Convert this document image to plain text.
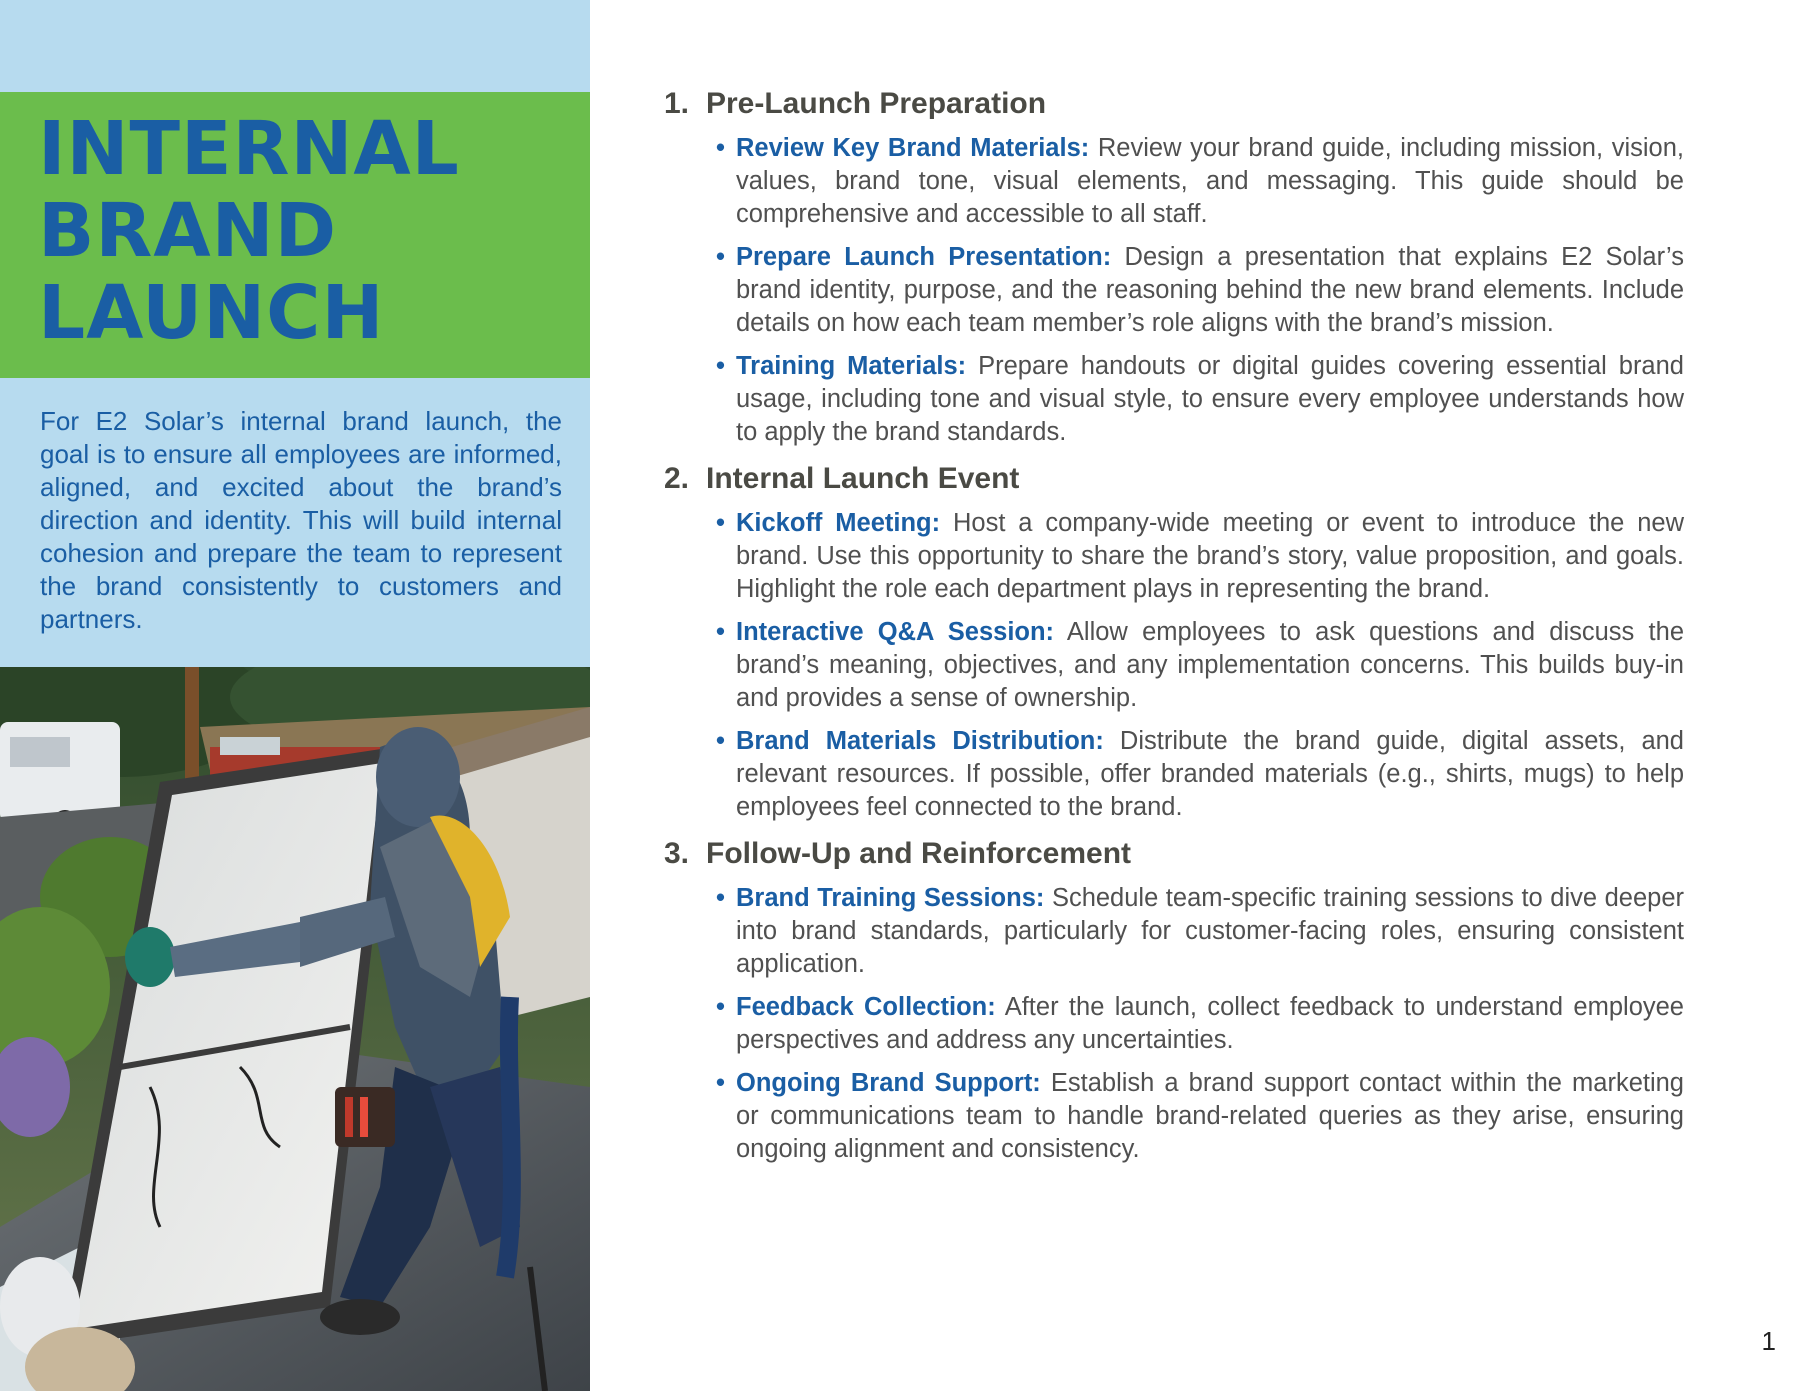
INTERNAL
BRAND
LAUNCH

For E2 Solar’s internal brand launch, the goal is to ensure all employees are informed, aligned, and excited about the brand’s direction and identity. This will build internal cohesion and prepare the team to represent the brand consistently to customers and partners.

1. Pre-Launch Preparation
• Review Key Brand Materials: Review your brand guide, including mission, vision, values, brand tone, visual elements, and messaging. This guide should be comprehensive and accessible to all staff.
• Prepare Launch Presentation: Design a presentation that explains E2 Solar’s brand identity, purpose, and the reasoning behind the new brand elements. Include details on how each team member’s role aligns with the brand’s mission.
• Training Materials: Prepare handouts or digital guides covering essential brand usage, including tone and visual style, to ensure every employee understands how to apply the brand standards.
2. Internal Launch Event
• Kickoff Meeting: Host a company-wide meeting or event to introduce the new brand. Use this opportunity to share the brand’s story, value proposition, and goals. Highlight the role each department plays in representing the brand.
• Interactive Q&A Session: Allow employees to ask questions and discuss the brand’s meaning, objectives, and any implementation concerns. This builds buy-in and provides a sense of ownership.
• Brand Materials Distribution: Distribute the brand guide, digital assets, and relevant resources. If possible, offer branded materials (e.g., shirts, mugs) to help employees feel connected to the brand.
3. Follow-Up and Reinforcement
• Brand Training Sessions: Schedule team-specific training sessions to dive deeper into brand standards, particularly for customer-facing roles, ensuring consistent application.
• Feedback Collection: After the launch, collect feedback to understand employee perspectives and address any uncertainties.
• Ongoing Brand Support: Establish a brand support contact within the marketing or communications team to handle brand-related queries as they arise, ensuring ongoing alignment and consistency.
1
